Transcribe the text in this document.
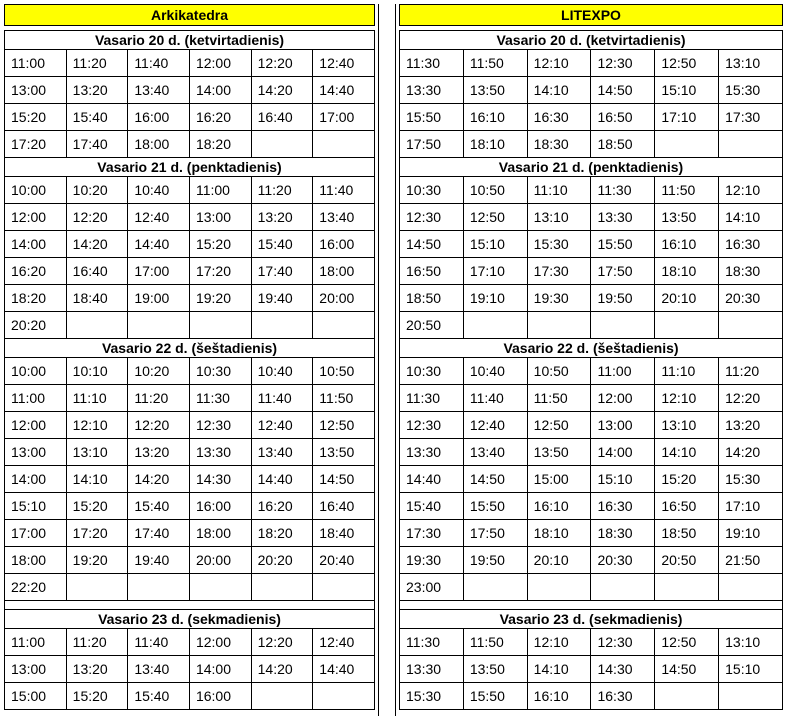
Arkikatedra					

Vasario 20 d. (ketvirtadienis)					
11:00	11:20	11:40	12:00	12:20	12:40
13:00	13:20	13:40	14:00	14:20	14:40
15:20	15:40	16:00	16:20	16:40	17:00
17:20	17:40	18:00	18:20		
Vasario 21 d. (penktadienis)					
10:00	10:20	10:40	11:00	11:20	11:40
12:00	12:20	12:40	13:00	13:20	13:40
14:00	14:20	14:40	15:20	15:40	16:00
16:20	16:40	17:00	17:20	17:40	18:00
18:20	18:40	19:00	19:20	19:40	20:00
20:20					
Vasario 22 d. (šeštadienis)					
10:00	10:10	10:20	10:30	10:40	10:50
11:00	11:10	11:20	11:30	11:40	11:50
12:00	12:10	12:20	12:30	12:40	12:50
13:00	13:10	13:20	13:30	13:40	13:50
14:00	14:10	14:20	14:30	14:40	14:50
15:10	15:20	15:40	16:00	16:20	16:40
17:00	17:20	17:40	18:00	18:20	18:40
18:00	19:20	19:40	20:00	20:20	20:40
22:20					

Vasario 23 d. (sekmadienis)					
11:00	11:20	11:40	12:00	12:20	12:40
13:00	13:20	13:40	14:00	14:20	14:40
15:00	15:20	15:40	16:00		
LITEXPO					

Vasario 20 d. (ketvirtadienis)					
11:30	11:50	12:10	12:30	12:50	13:10
13:30	13:50	14:10	14:50	15:10	15:30
15:50	16:10	16:30	16:50	17:10	17:30
17:50	18:10	18:30	18:50		
Vasario 21 d. (penktadienis)					
10:30	10:50	11:10	11:30	11:50	12:10
12:30	12:50	13:10	13:30	13:50	14:10
14:50	15:10	15:30	15:50	16:10	16:30
16:50	17:10	17:30	17:50	18:10	18:30
18:50	19:10	19:30	19:50	20:10	20:30
20:50					
Vasario 22 d. (šeštadienis)					
10:30	10:40	10:50	11:00	11:10	11:20
11:30	11:40	11:50	12:00	12:10	12:20
12:30	12:40	12:50	13:00	13:10	13:20
13:30	13:40	13:50	14:00	14:10	14:20
14:40	14:50	15:00	15:10	15:20	15:30
15:40	15:50	16:10	16:30	16:50	17:10
17:30	17:50	18:10	18:30	18:50	19:10
19:30	19:50	20:10	20:30	20:50	21:50
23:00					

Vasario 23 d. (sekmadienis)					
11:30	11:50	12:10	12:30	12:50	13:10
13:30	13:50	14:10	14:30	14:50	15:10
15:30	15:50	16:10	16:30		
